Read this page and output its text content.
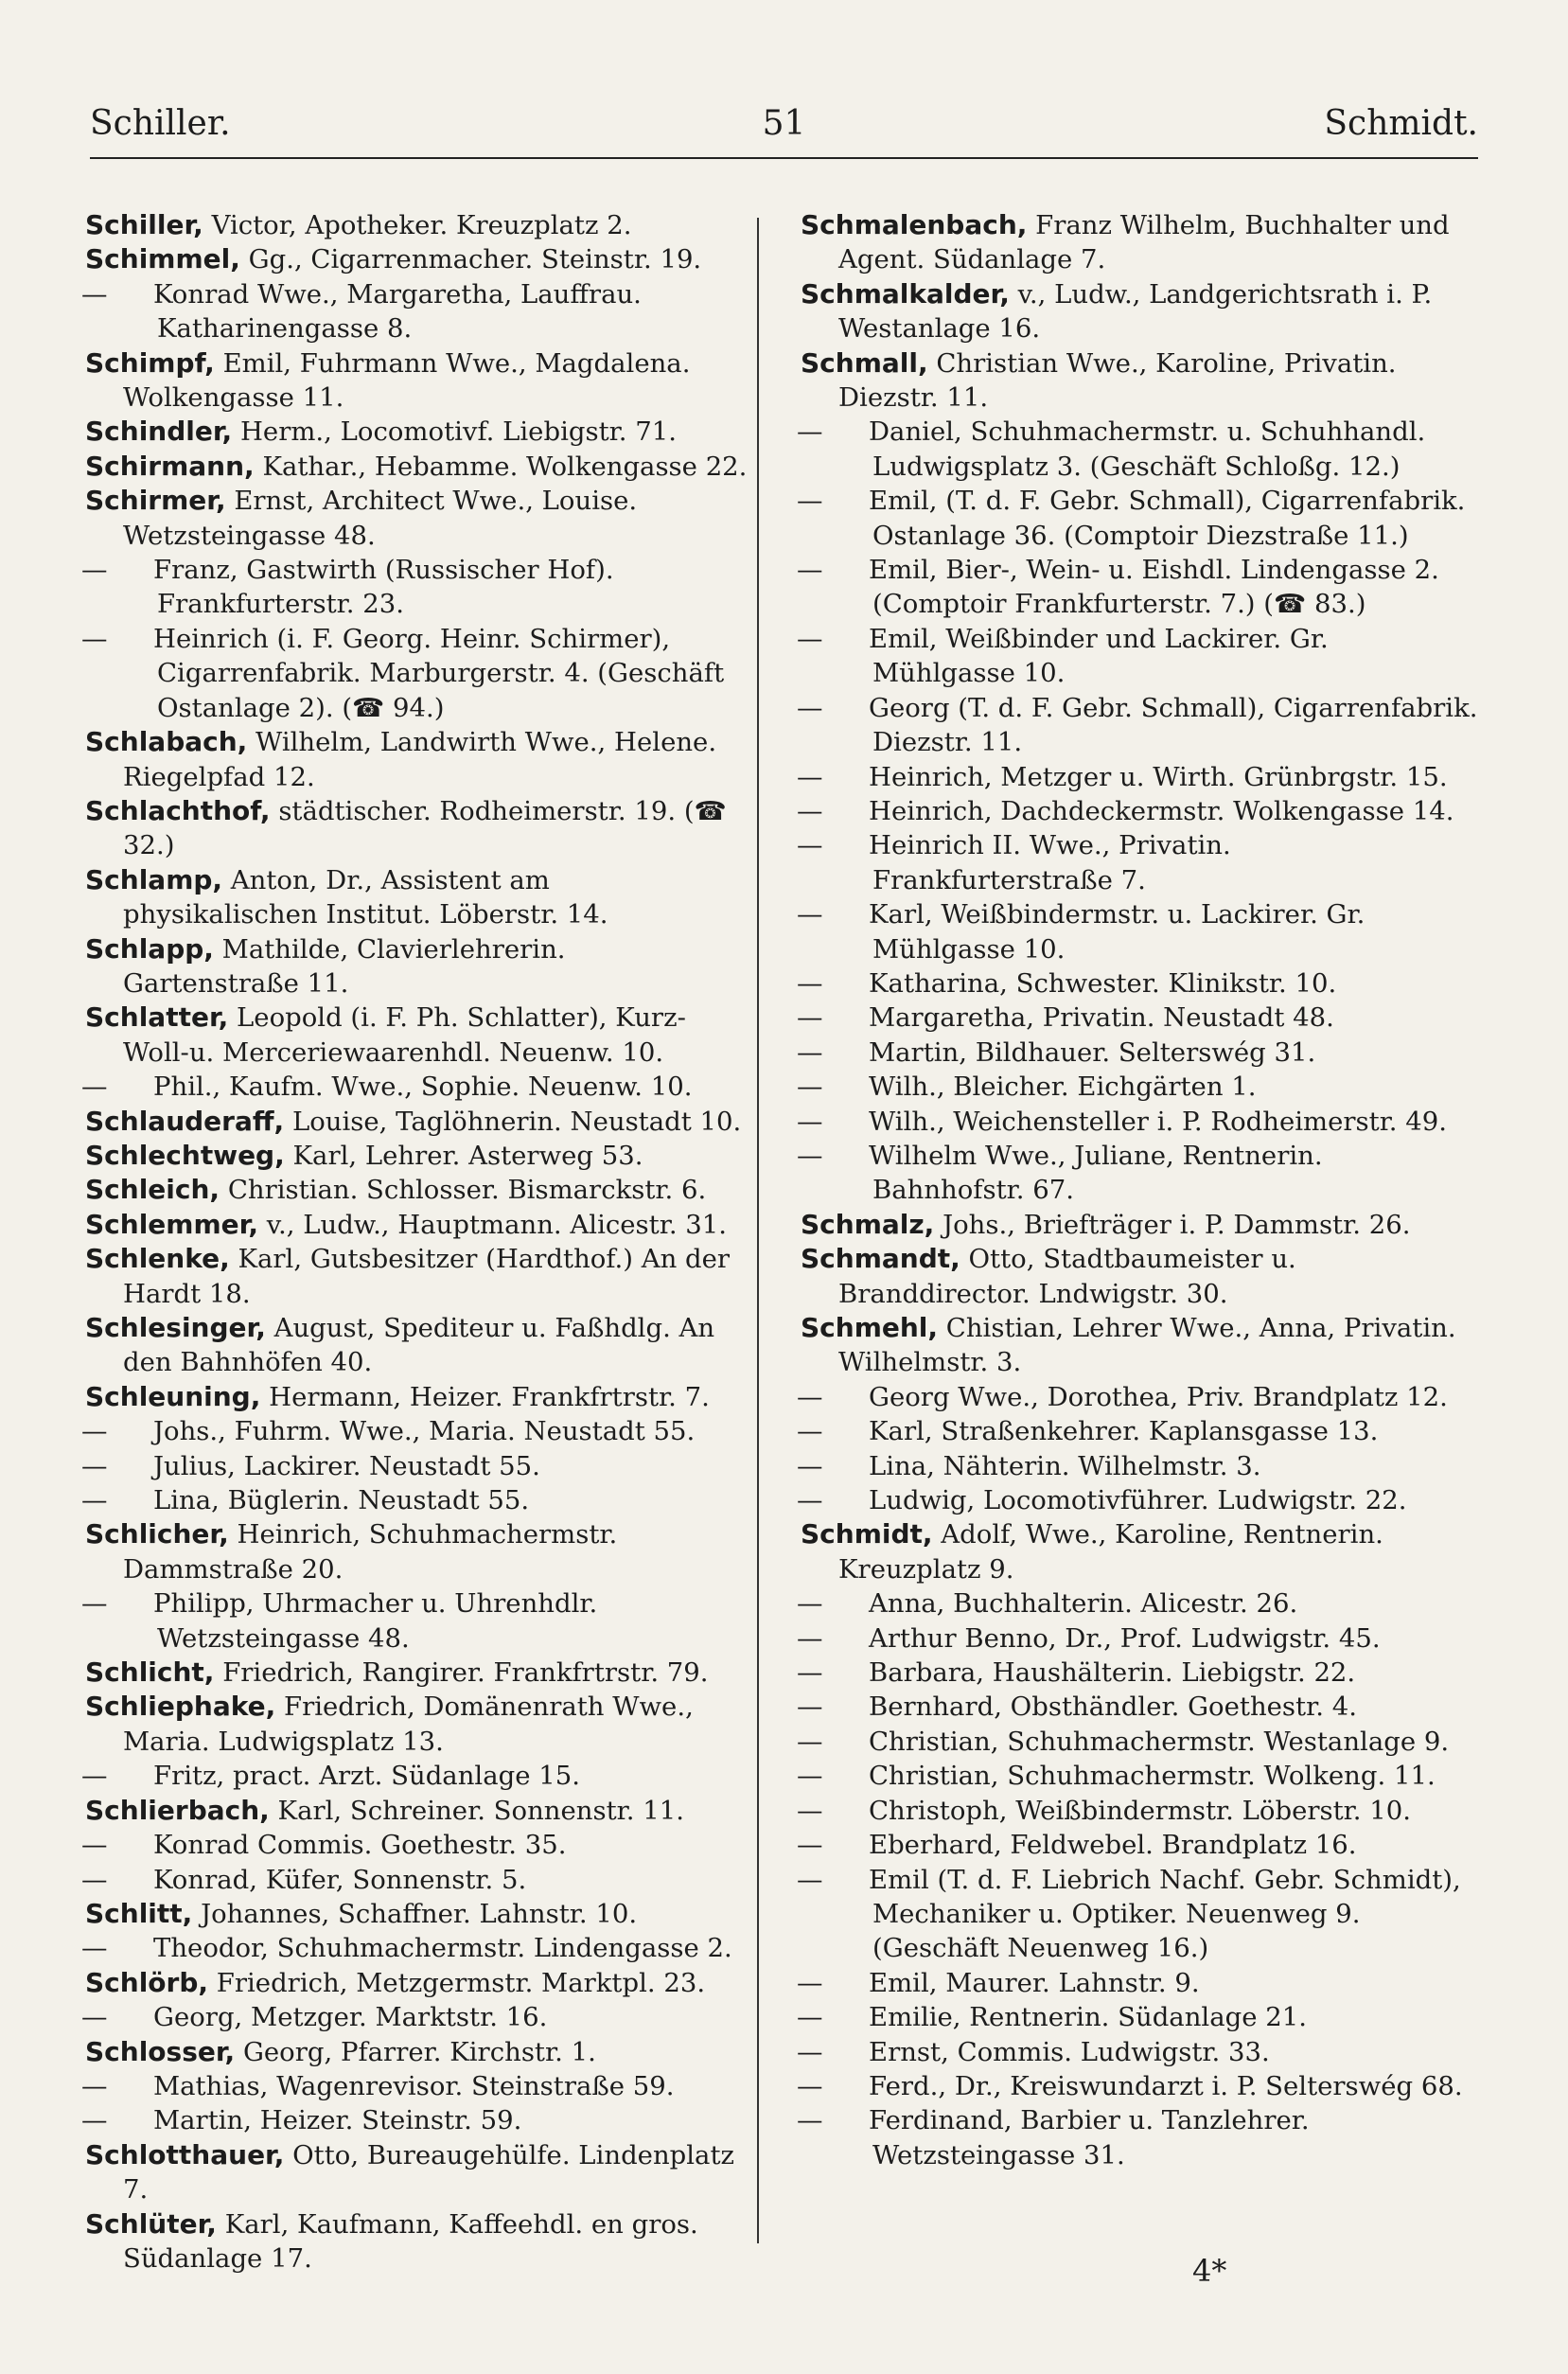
Schiller.	51	Schmidt.

Schiller, Victor, Apotheker. Kreuzplatz 2.

Schimmel, Gg., Cigarrenmacher. Steinstr. 19.

— Konrad Wwe., Margaretha, Lauffrau. Katharinengasse 8.

Schimpf, Emil, Fuhrmann Wwe., Magdalena. Wolkengasse 11.

Schindler, Herm., Locomotivf. Liebigstr. 71.

Schirmann, Kathar., Hebamme. Wolkengasse 22.

Schirmer, Ernst, Architect Wwe., Louise. Wetzsteingasse 48.

— Franz, Gastwirth (Russischer Hof). Frankfurterstr. 23.

— Heinrich (i. F. Georg. Heinr. Schirmer), Cigarrenfabrik. Marburgerstr. 4. (Geschäft Ostanlage 2). (☎ 94.)

Schlabach, Wilhelm, Landwirth Wwe., Helene. Riegelpfad 12.

Schlachthof, städtischer. Rodheimerstr. 19. (☎ 32.)

Schlamp, Anton, Dr., Assistent am physikalischen Institut. Löberstr. 14.

Schlapp, Mathilde, Clavierlehrerin. Gartenstraße 11.

Schlatter, Leopold (i. F. Ph. Schlatter), Kurz-Woll-u. Merceriewaarenhdl. Neuenw. 10.

— Phil., Kaufm. Wwe., Sophie. Neuenw. 10.

Schlauderaff, Louise, Taglöhnerin. Neustadt 10.

Schlechtweg, Karl, Lehrer. Asterweg 53.

Schleich, Christian. Schlosser. Bismarckstr. 6.

Schlemmer, v., Ludw., Hauptmann. Alicestr. 31.

Schlenke, Karl, Gutsbesitzer (Hardthof.) An der Hardt 18.

Schlesinger, August, Spediteur u. Faßhdlg. An den Bahnhöfen 40.

Schleuning, Hermann, Heizer. Frankfrtrstr. 7.

— Johs., Fuhrm. Wwe., Maria. Neustadt 55.

— Julius, Lackirer. Neustadt 55.

— Lina, Büglerin. Neustadt 55.

Schlicher, Heinrich, Schuhmachermstr. Dammstraße 20.

— Philipp, Uhrmacher u. Uhrenhdlr. Wetzsteingasse 48.

Schlicht, Friedrich, Rangirer. Frankfrtrstr. 79.

Schliephake, Friedrich, Domänenrath Wwe., Maria. Ludwigsplatz 13.

— Fritz, pract. Arzt. Südanlage 15.

Schlierbach, Karl, Schreiner. Sonnenstr. 11.

— Konrad Commis. Goethestr. 35.

— Konrad, Küfer, Sonnenstr. 5.

Schlitt, Johannes, Schaffner. Lahnstr. 10.

— Theodor, Schuhmachermstr. Lindengasse 2.

Schlörb, Friedrich, Metzgermstr. Marktpl. 23.

— Georg, Metzger. Marktstr. 16.

Schlosser, Georg, Pfarrer. Kirchstr. 1.

— Mathias, Wagenrevisor. Steinstraße 59.

— Martin, Heizer. Steinstr. 59.

Schlotthauer, Otto, Bureaugehülfe. Lindenplatz 7.

Schlüter, Karl, Kaufmann, Kaffeehdl. en gros. Südanlage 17.

Schmalenbach, Franz Wilhelm, Buchhalter und Agent. Südanlage 7.

Schmalkalder, v., Ludw., Landgerichtsrath i. P. Westanlage 16.

Schmall, Christian Wwe., Karoline, Privatin. Diezstr. 11.

— Daniel, Schuhmachermstr. u. Schuhhandl. Ludwigsplatz 3. (Geschäft Schloßg. 12.)

— Emil, (T. d. F. Gebr. Schmall), Cigarrenfabrik. Ostanlage 36. (Comptoir Diezstraße 11.)

— Emil, Bier-, Wein- u. Eishdl. Lindengasse 2. (Comptoir Frankfurterstr. 7.) (☎ 83.)

— Emil, Weißbinder und Lackirer. Gr. Mühlgasse 10.

— Georg (T. d. F. Gebr. Schmall), Cigarrenfabrik. Diezstr. 11.

— Heinrich, Metzger u. Wirth. Grünbrgstr. 15.

— Heinrich, Dachdeckermstr. Wolkengasse 14.

— Heinrich II. Wwe., Privatin. Frankfurterstraße 7.

— Karl, Weißbindermstr. u. Lackirer. Gr. Mühlgasse 10.

— Katharina, Schwester. Klinikstr. 10.

— Margaretha, Privatin. Neustadt 48.

— Martin, Bildhauer. Selterswég 31.

— Wilh., Bleicher. Eichgärten 1.

— Wilh., Weichensteller i. P. Rodheimerstr. 49.

— Wilhelm Wwe., Juliane, Rentnerin. Bahnhofstr. 67.

Schmalz, Johs., Briefträger i. P. Dammstr. 26.

Schmandt, Otto, Stadtbaumeister u. Branddirector. Lndwigstr. 30.

Schmehl, Chistian, Lehrer Wwe., Anna, Privatin. Wilhelmstr. 3.

— Georg Wwe., Dorothea, Priv. Brandplatz 12.

— Karl, Straßenkehrer. Kaplansgasse 13.

— Lina, Nähterin. Wilhelmstr. 3.

— Ludwig, Locomotivführer. Ludwigstr. 22.

Schmidt, Adolf, Wwe., Karoline, Rentnerin. Kreuzplatz 9.

— Anna, Buchhalterin. Alicestr. 26.

— Arthur Benno, Dr., Prof. Ludwigstr. 45.

— Barbara, Haushälterin. Liebigstr. 22.

— Bernhard, Obsthändler. Goethestr. 4.

— Christian, Schuhmachermstr. Westanlage 9.

— Christian, Schuhmachermstr. Wolkeng. 11.

— Christoph, Weißbindermstr. Löberstr. 10.

— Eberhard, Feldwebel. Brandplatz 16.

— Emil (T. d. F. Liebrich Nachf. Gebr. Schmidt), Mechaniker u. Optiker. Neuenweg 9. (Geschäft Neuenweg 16.)

— Emil, Maurer. Lahnstr. 9.

— Emilie, Rentnerin. Südanlage 21.

— Ernst, Commis. Ludwigstr. 33.

— Ferd., Dr., Kreiswundarzt i. P. Selterswég 68.

— Ferdinand, Barbier u. Tanzlehrer. Wetzsteingasse 31.

4*
